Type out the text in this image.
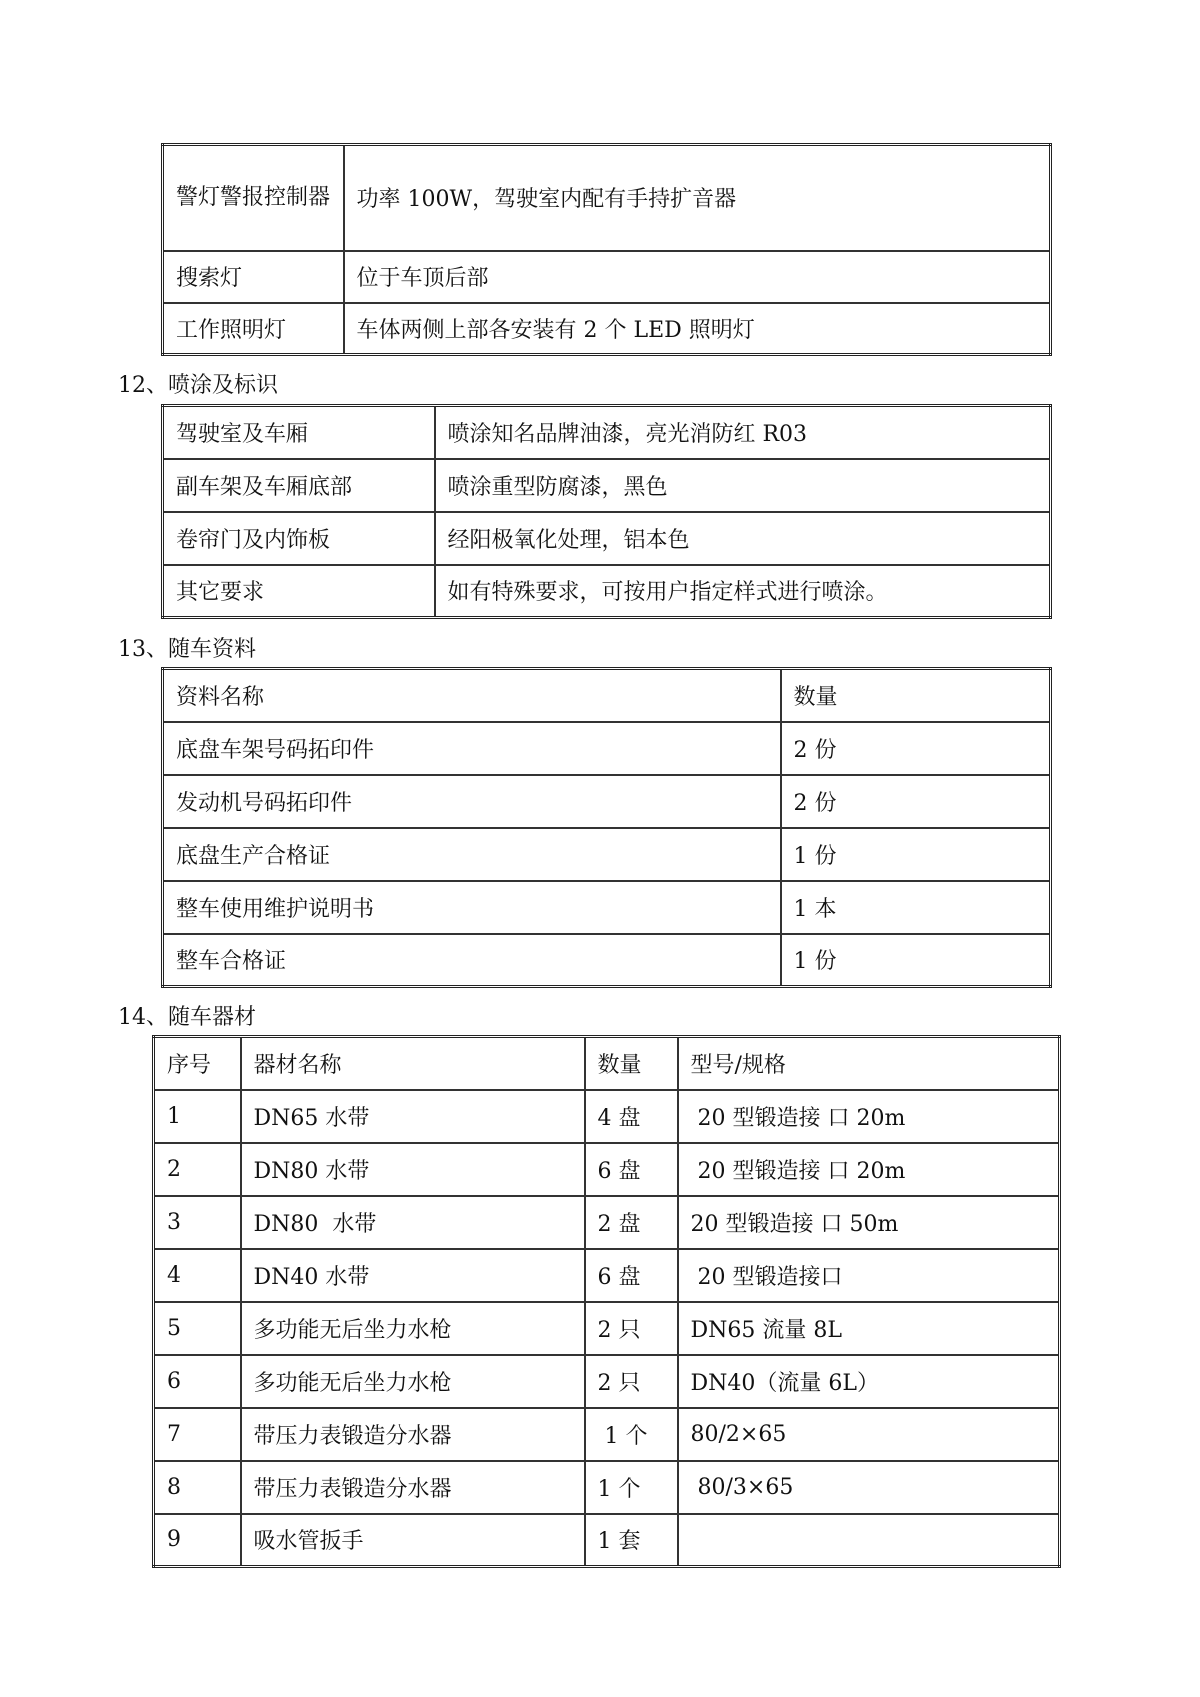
警灯警报控制器	功率 100W，驾驶室内配有手持扩音器
搜索灯	位于车顶后部
工作照明灯	车体两侧上部各安装有 2 个 LED 照明灯
12、喷涂及标识
驾驶室及车厢	喷涂知名品牌油漆，亮光消防红 R03
副车架及车厢底部	喷涂重型防腐漆，黑色
卷帘门及内饰板	经阳极氧化处理，铝本色
其它要求	如有特殊要求，可按用户指定样式进行喷涂。
13、随车资料
资料名称	数量
底盘车架号码拓印件	2 份
发动机号码拓印件	2 份
底盘生产合格证	1 份
整车使用维护说明书	1 本
整车合格证	1 份
14、随车器材
序号	器材名称	数量	型号/规格
1	DN65 水带	4 盘	20 型锻造接 口 20m
2	DN80 水带	6 盘	20 型锻造接 口 20m
3	DN80  水带	2 盘	20 型锻造接 口 50m
4	DN40 水带	6 盘	20 型锻造接口
5	多功能无后坐力水枪	2 只	DN65 流量 8L
6	多功能无后坐力水枪	2 只	DN40（流量 6L）
7	带压力表锻造分水器	1 个	80/2×65
8	带压力表锻造分水器	1 个	80/3×65
9	吸水管扳手	1 套	
